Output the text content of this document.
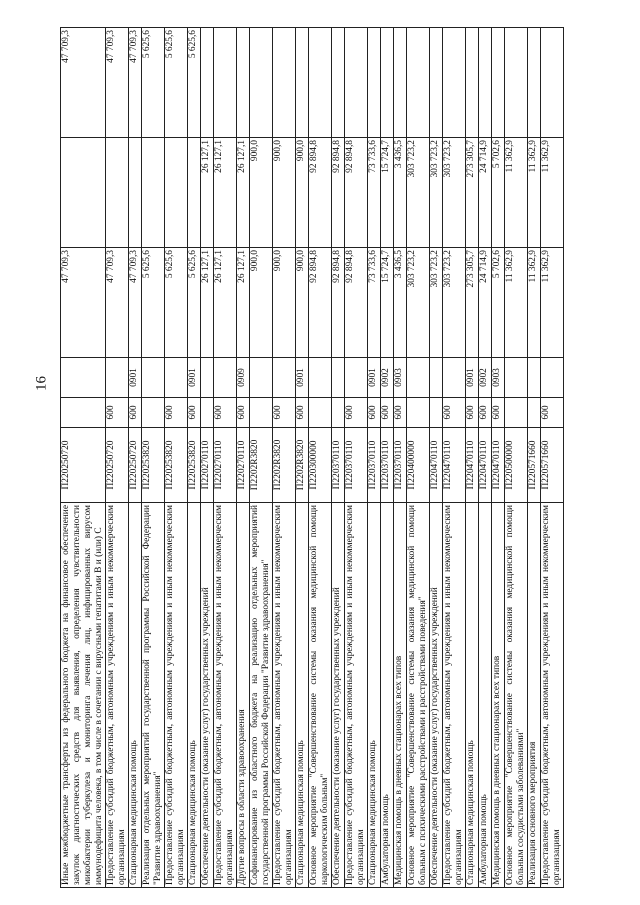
16
Иные межбюджетные трансферты из федерального бюджета на финансовое обеспечение закупок диагностических средств для выявления, определения чувствительности микобактерии туберкулеза и мониторинга лечения лиц, инфицированных вирусом иммунодефицита человека, в том числе в сочетании с вирусными гепатитами B и (или) C	П220250720			47 709,3		47 709,3
Предоставление субсидий бюджетным, автономным учреждениям и иным некоммерческим организациям	П220250720	600		47 709,3		47 709,3
Стационарная медицинская помощь	П220250720	600	0901	47 709,3		47 709,3
Реализация отдельных мероприятий государственной программы Российской Федерации "Развитие здравоохранения"	П220253820			5 625,6		5 625,6
Предоставление субсидий бюджетным, автономным учреждениям и иным некоммерческим организациям	П220253820	600		5 625,6		5 625,6
Стационарная медицинская помощь	П220253820	600	0901	5 625,6		5 625,6
Обеспечение деятельности (оказание услуг) государственных учреждений	П220270110			26 127,1	26 127,1	
Предоставление субсидий бюджетным, автономным учреждениям и иным некоммерческим организациям	П220270110	600		26 127,1	26 127,1	
Другие вопросы в области здравоохранения	П220270110	600	0909	26 127,1	26 127,1	
Софинансирование из областного бюджета на реализацию отдельных мероприятий государственной программы Российской Федерации "Развитие здравоохранения"	П2202R3820			900,0	900,0	
Предоставление субсидий бюджетным, автономным учреждениям и иным некоммерческим организациям	П2202R3820	600		900,0	900,0	
Стационарная медицинская помощь	П2202R3820	600	0901	900,0	900,0	
Основное мероприятие "Совершенствование системы оказания медицинской помощи наркологическим больным"	П220300000			92 894,8	92 894,8	
Обеспечение деятельности (оказание услуг) государственных учреждений	П220370110			92 894,8	92 894,8	
Предоставление субсидий бюджетным, автономным учреждениям и иным некоммерческим организациям	П220370110	600		92 894,8	92 894,8	
Стационарная медицинская помощь	П220370110	600	0901	73 733,6	73 733,6	
Амбулаторная помощь	П220370110	600	0902	15 724,7	15 724,7	
Медицинская помощь в дневных стационарах всех типов	П220370110	600	0903	3 436,5	3 436,5	
Основное мероприятие "Совершенствование системы оказания медицинской помощи больным с психическими расстройствами и расстройствами поведения"	П220400000			303 723,2	303 723,2	
Обеспечение деятельности (оказание услуг) государственных учреждений	П220470110			303 723,2	303 723,2	
Предоставление субсидий бюджетным, автономным учреждениям и иным некоммерческим организациям	П220470110	600		303 723,2	303 723,2	
Стационарная медицинская помощь	П220470110	600	0901	273 305,7	273 305,7	
Амбулаторная помощь	П220470110	600	0902	24 714,9	24 714,9	
Медицинская помощь в дневных стационарах всех типов	П220470110	600	0903	5 702,6	5 702,6	
Основное мероприятие "Совершенствование системы оказания медицинской помощи больным сосудистыми заболеваниями"	П220500000			11 362,9	11 362,9	
Реализация основного мероприятия	П220571660			11 362,9	11 362,9	
Предоставление субсидий бюджетным, автономным учреждениям и иным некоммерческим организациям	П220571660	600		11 362,9	11 362,9	
